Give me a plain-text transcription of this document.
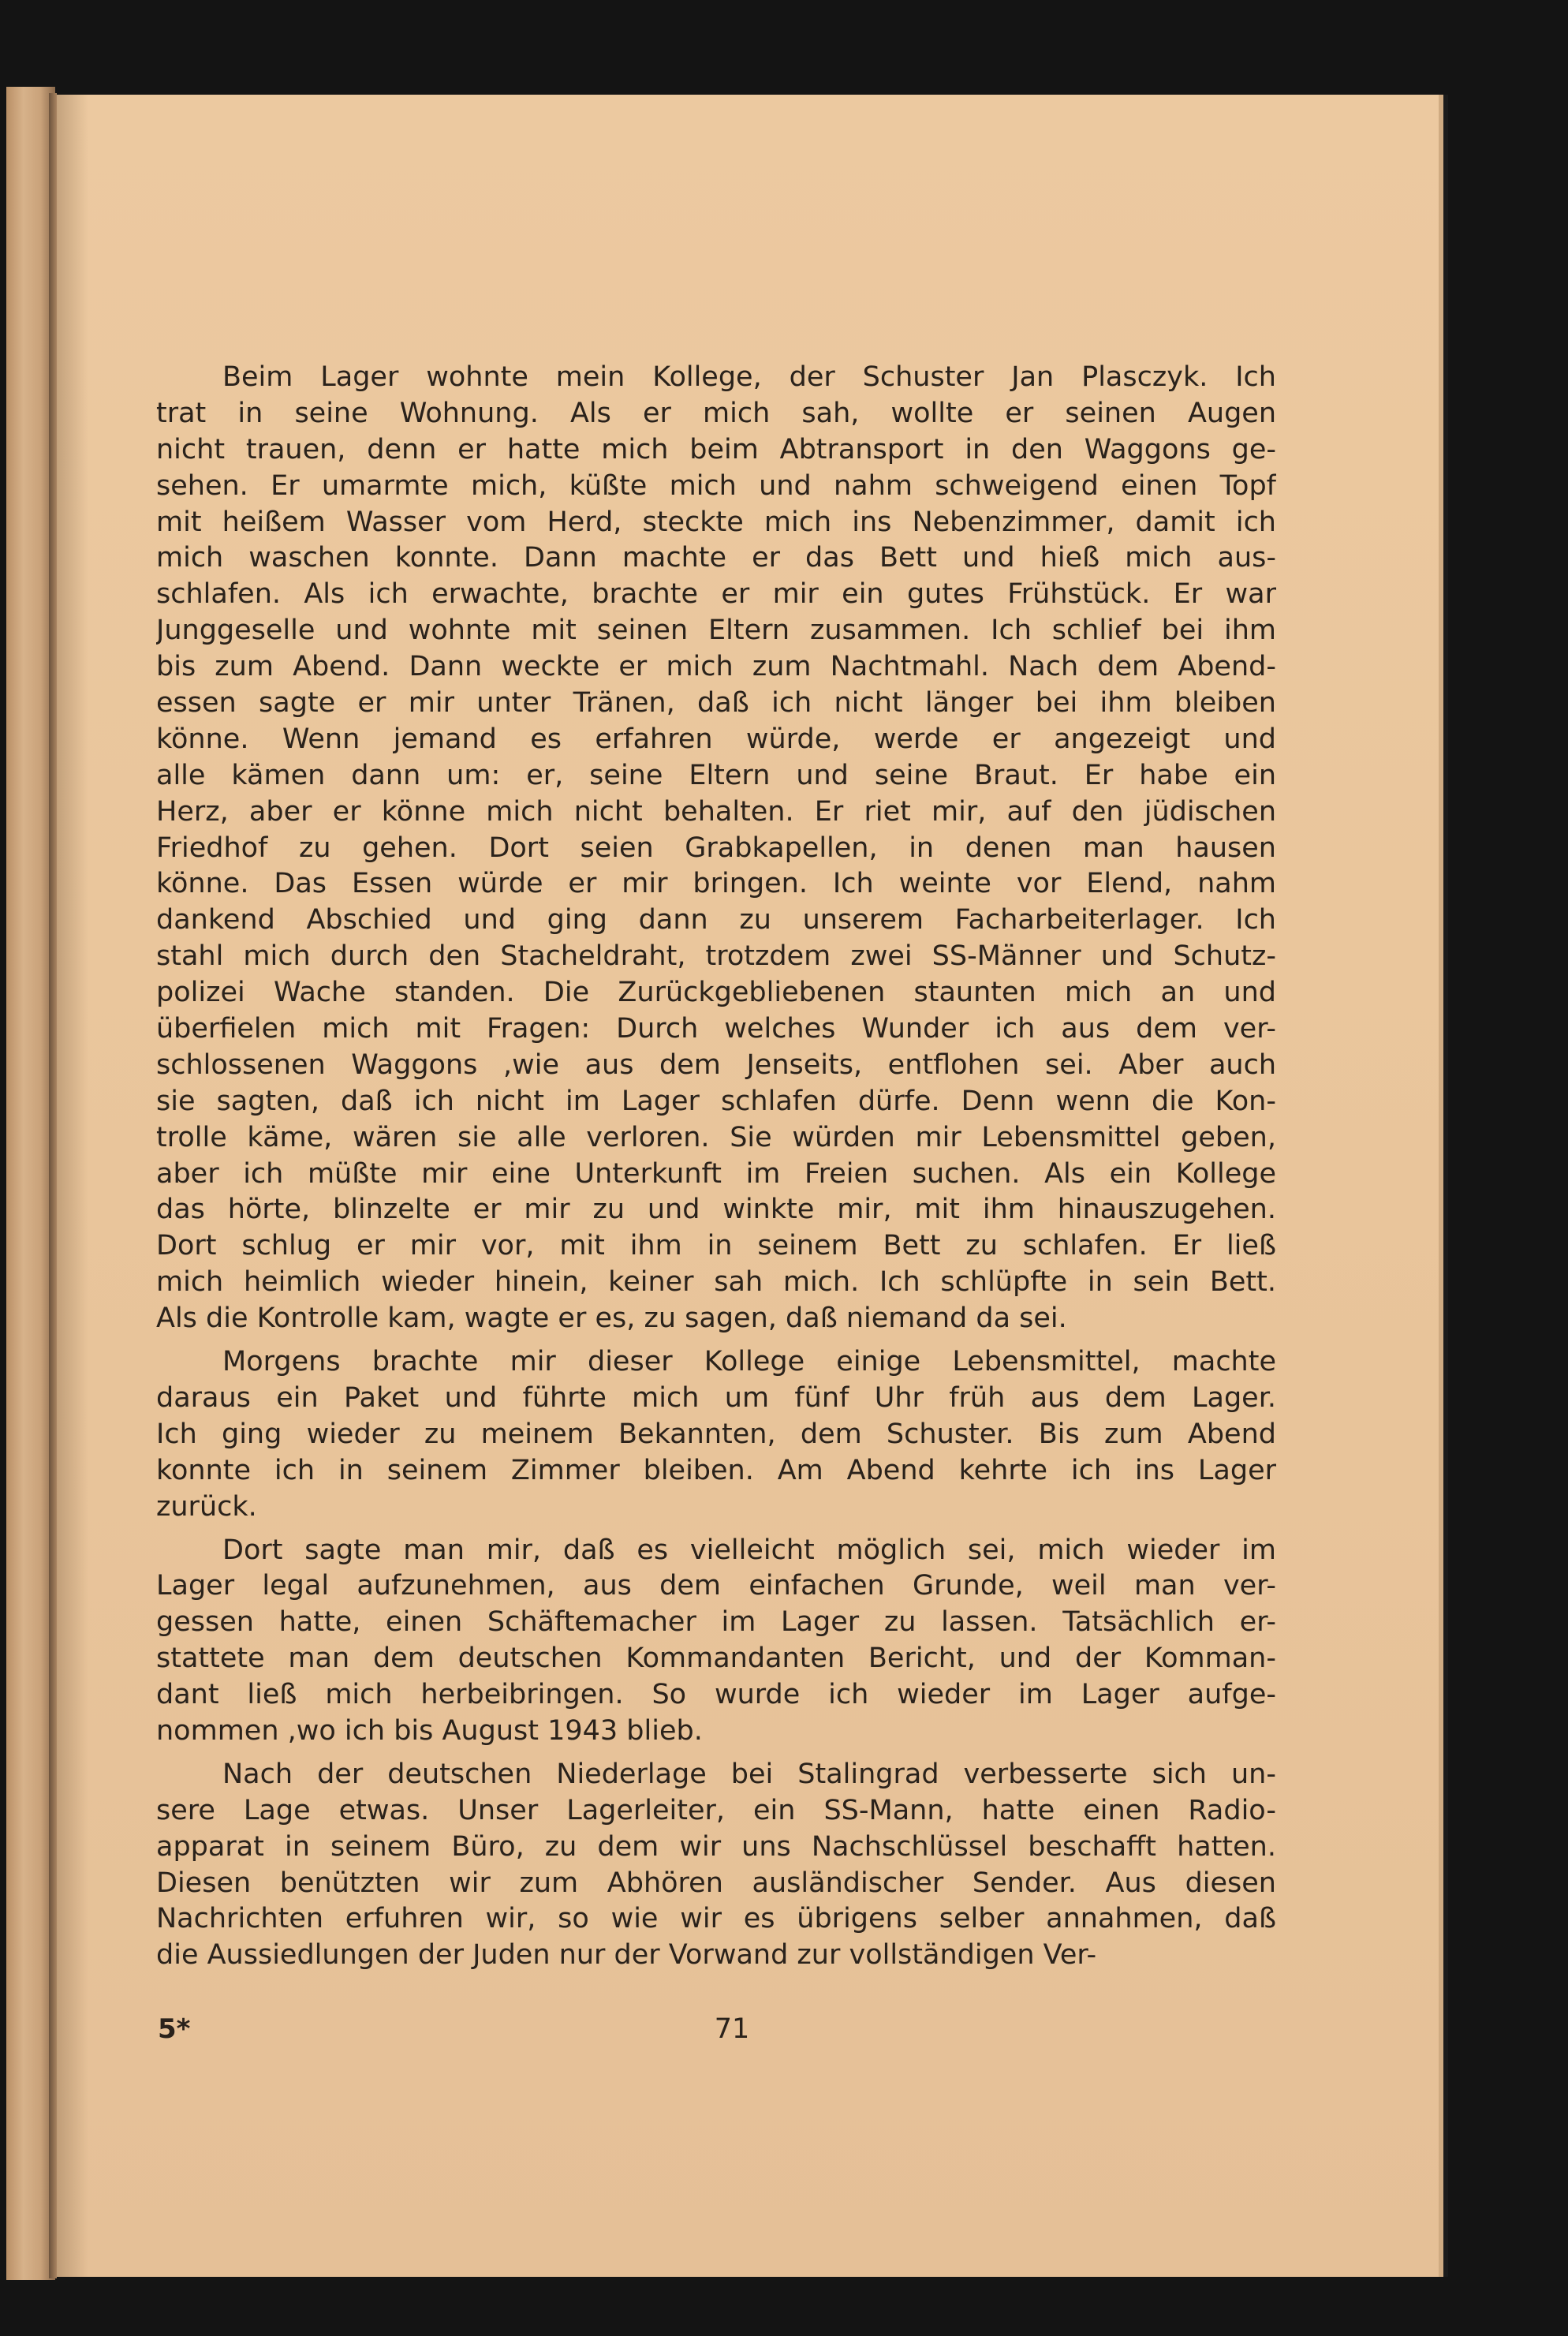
Beim Lager wohnte mein Kollege, der Schuster Jan Plasczyk. Ich
trat in seine Wohnung. Als er mich sah, wollte er seinen Augen
nicht trauen, denn er hatte mich beim Abtransport in den Waggons ge-
sehen. Er umarmte mich, küßte mich und nahm schweigend einen Topf
mit heißem Wasser vom Herd, steckte mich ins Nebenzimmer, damit ich
mich waschen konnte. Dann machte er das Bett und hieß mich aus-
schlafen. Als ich erwachte, brachte er mir ein gutes Frühstück. Er war
Junggeselle und wohnte mit seinen Eltern zusammen. Ich schlief bei ihm
bis zum Abend. Dann weckte er mich zum Nachtmahl. Nach dem Abend-
essen sagte er mir unter Tränen, daß ich nicht länger bei ihm bleiben
könne. Wenn jemand es erfahren würde, werde er angezeigt und
alle kämen dann um: er, seine Eltern und seine Braut. Er habe ein
Herz, aber er könne mich nicht behalten. Er riet mir, auf den jüdischen
Friedhof zu gehen. Dort seien Grabkapellen, in denen man hausen
könne. Das Essen würde er mir bringen. Ich weinte vor Elend, nahm
dankend Abschied und ging dann zu unserem Facharbeiterlager. Ich
stahl mich durch den Stacheldraht, trotzdem zwei SS-Männer und Schutz-
polizei Wache standen. Die Zurückgebliebenen staunten mich an und
überfielen mich mit Fragen: Durch welches Wunder ich aus dem ver-
schlossenen Waggons ,wie aus dem Jenseits, entflohen sei. Aber auch
sie sagten, daß ich nicht im Lager schlafen dürfe. Denn wenn die Kon-
trolle käme, wären sie alle verloren. Sie würden mir Lebensmittel geben,
aber ich müßte mir eine Unterkunft im Freien suchen. Als ein Kollege
das hörte, blinzelte er mir zu und winkte mir, mit ihm hinauszugehen.
Dort schlug er mir vor, mit ihm in seinem Bett zu schlafen. Er ließ
mich heimlich wieder hinein, keiner sah mich. Ich schlüpfte in sein Bett.
Als die Kontrolle kam, wagte er es, zu sagen, daß niemand da sei.
Morgens brachte mir dieser Kollege einige Lebensmittel, machte
daraus ein Paket und führte mich um fünf Uhr früh aus dem Lager.
Ich ging wieder zu meinem Bekannten, dem Schuster. Bis zum Abend
konnte ich in seinem Zimmer bleiben. Am Abend kehrte ich ins Lager
zurück.
Dort sagte man mir, daß es vielleicht möglich sei, mich wieder im
Lager legal aufzunehmen, aus dem einfachen Grunde, weil man ver-
gessen hatte, einen Schäftemacher im Lager zu lassen. Tatsächlich er-
stattete man dem deutschen Kommandanten Bericht, und der Komman-
dant ließ mich herbeibringen. So wurde ich wieder im Lager aufge-
nommen ,wo ich bis August 1943 blieb.
Nach der deutschen Niederlage bei Stalingrad verbesserte sich un-
sere Lage etwas. Unser Lagerleiter, ein SS-Mann, hatte einen Radio-
apparat in seinem Büro, zu dem wir uns Nachschlüssel beschafft hatten.
Diesen benützten wir zum Abhören ausländischer Sender. Aus diesen
Nachrichten erfuhren wir, so wie wir es übrigens selber annahmen, daß
die Aussiedlungen der Juden nur der Vorwand zur vollständigen Ver-
5*	71
